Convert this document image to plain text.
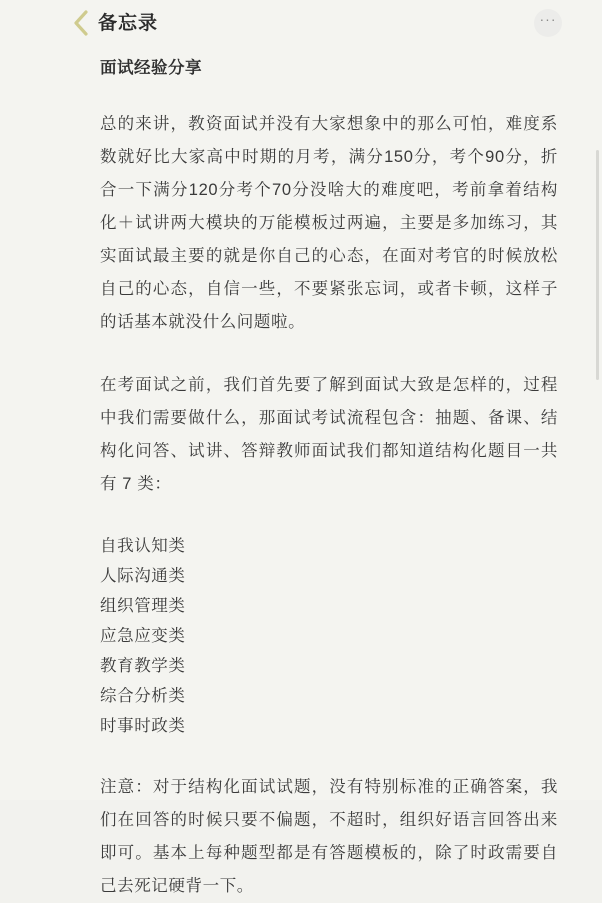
备忘录	···
面试经验分享

总的来讲，教资面试并没有大家想象中的那么可怕，难度系数就好比大家高中时期的月考，满分150分，考个90分，折合一下满分120分考个70分没啥大的难度吧，考前拿着结构化＋试讲两大模块的万能模板过两遍，主要是多加练习，其实面试最主要的就是你自己的心态，在面对考官的时候放松自己的心态，自信一些，不要紧张忘词，或者卡顿，这样子的话基本就没什么问题啦。

在考面试之前，我们首先要了解到面试大致是怎样的，过程中我们需要做什么，那面试考试流程包含：抽题、备课、结构化问答、试讲、答辩教师面试我们都知道结构化题目一共有 7 类：

自我认知类
人际沟通类
组织管理类
应急应变类
教育教学类
综合分析类
时事时政类

注意：对于结构化面试试题，没有特别标准的正确答案，我们在回答的时候只要不偏题，不超时，组织好语言回答出来即可。基本上每种题型都是有答题模板的，除了时政需要自己去死记硬背一下。
